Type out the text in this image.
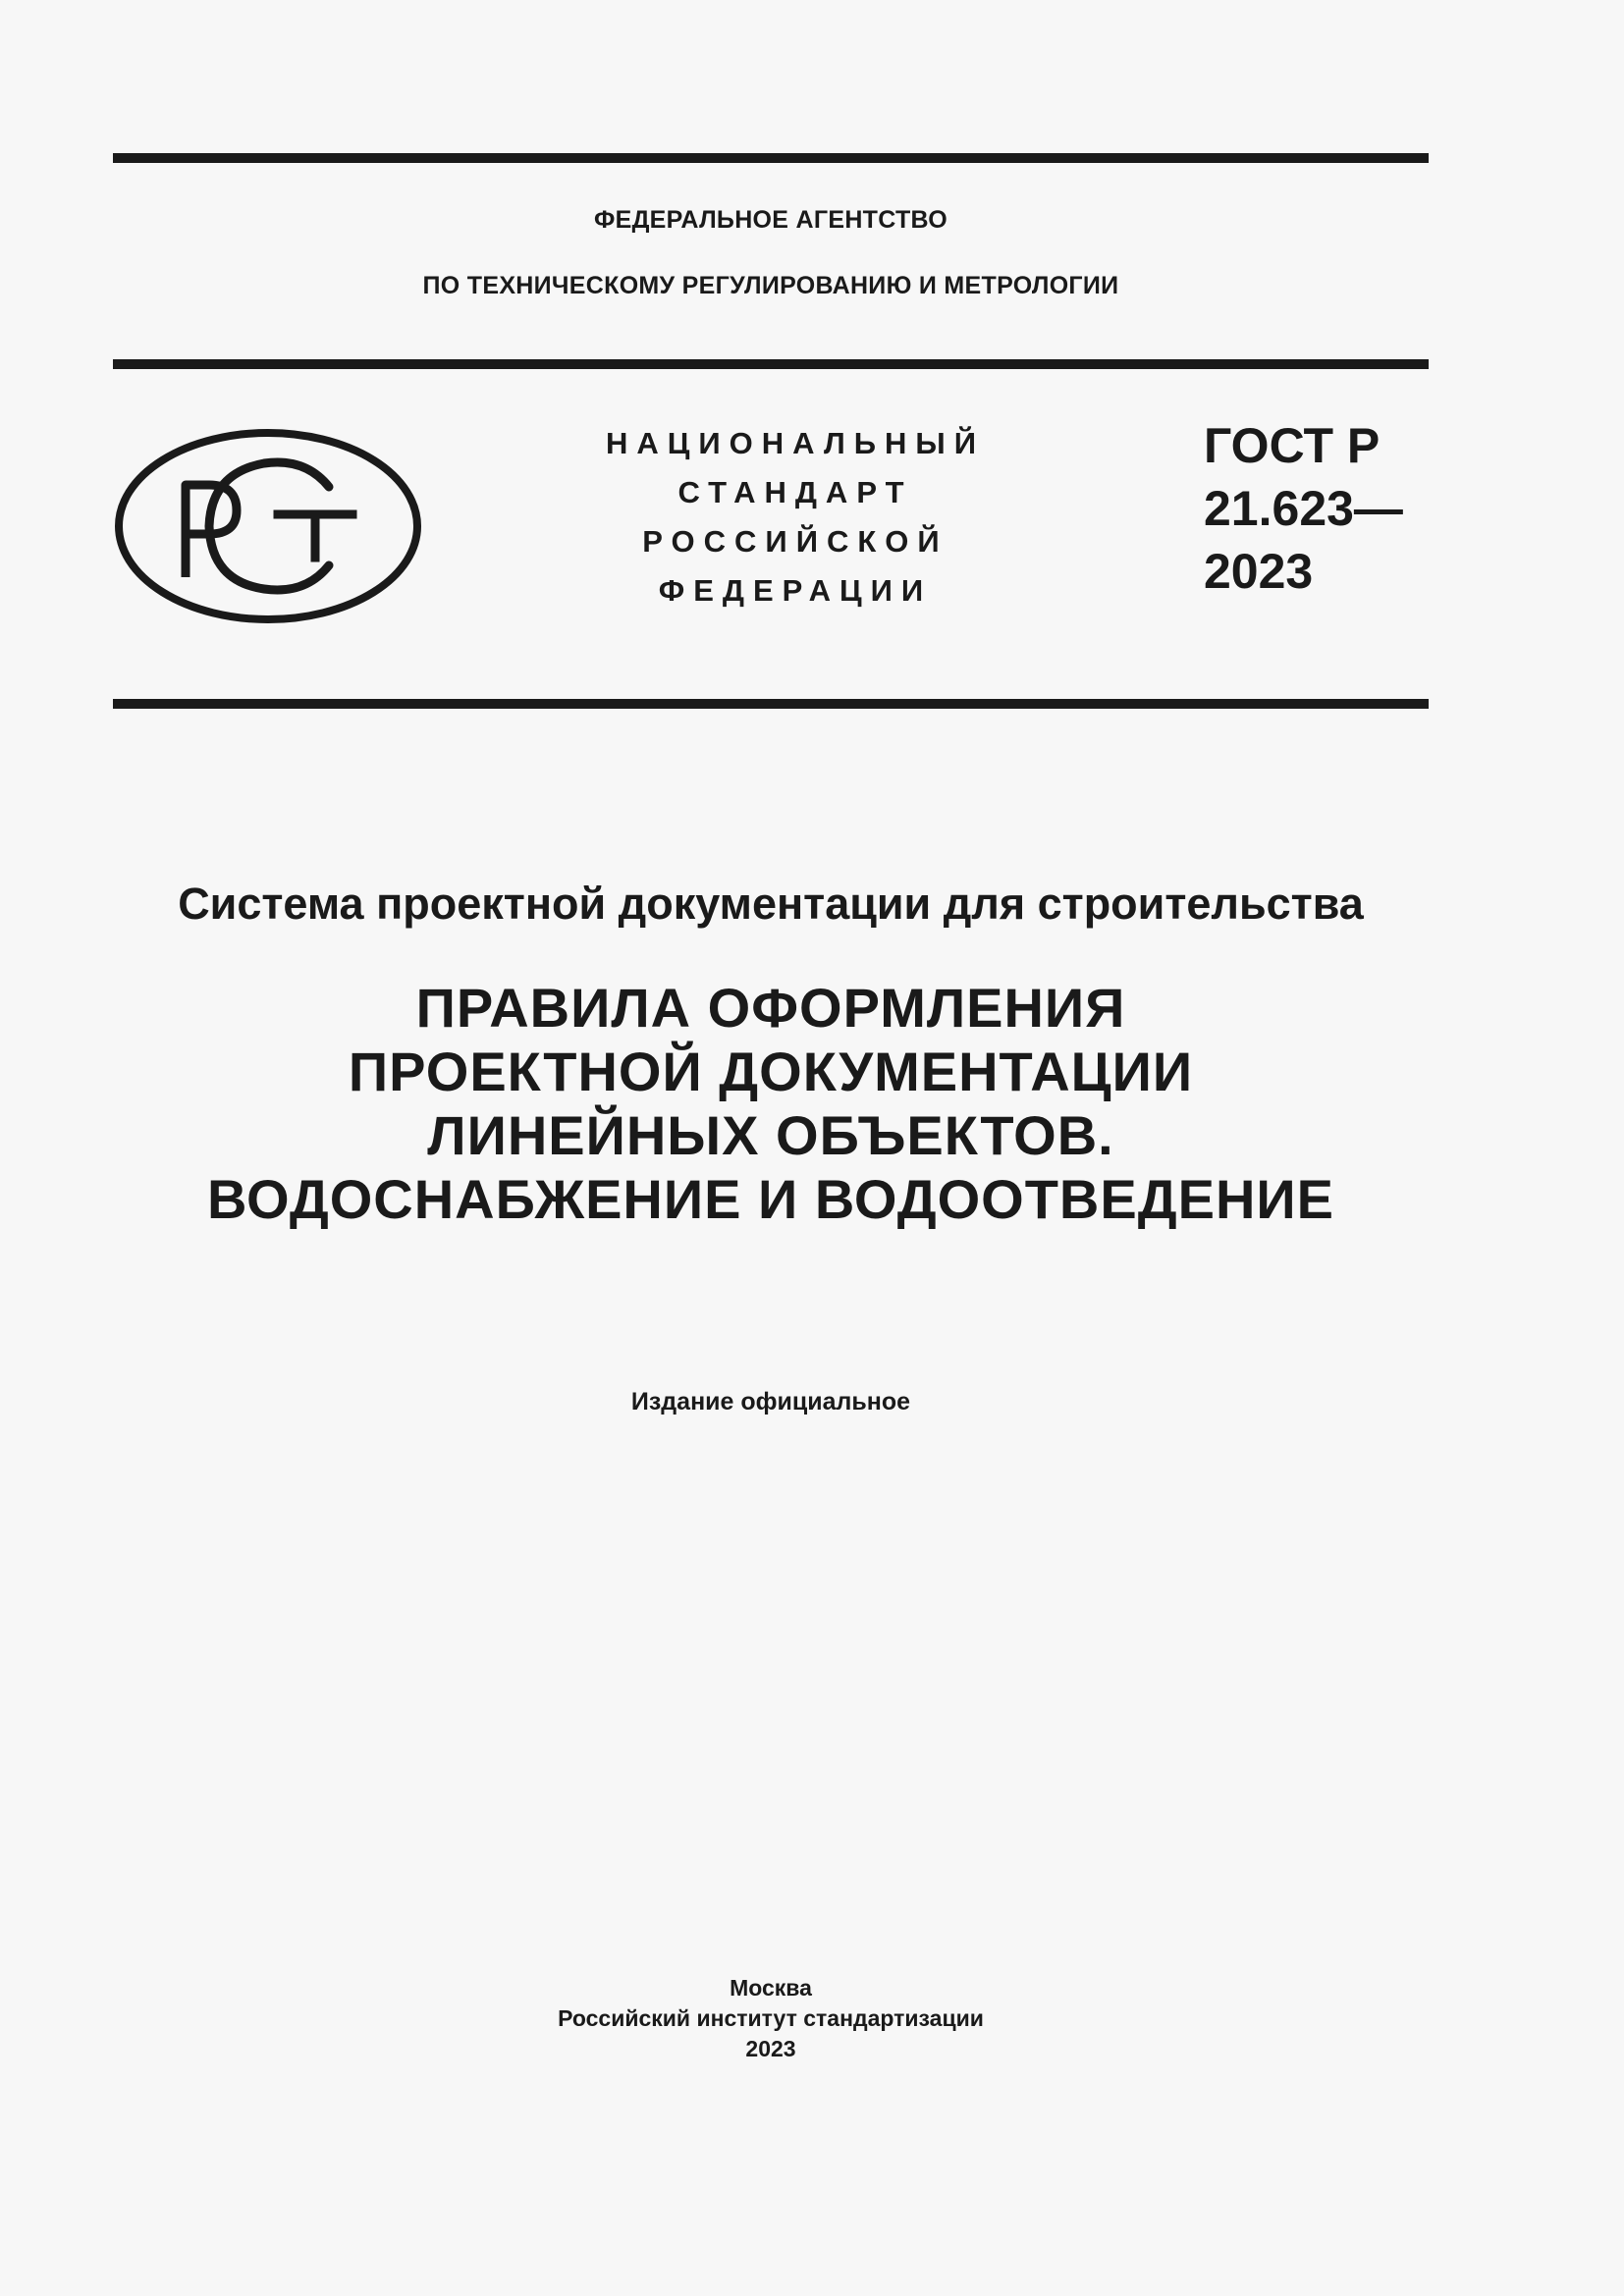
ФЕДЕРАЛЬНОЕ АГЕНТСТВО
ПО ТЕХНИЧЕСКОМУ РЕГУЛИРОВАНИЮ И МЕТРОЛОГИИ
НАЦИОНАЛЬНЫЙ
СТАНДАРТ
РОССИЙСКОЙ
ФЕДЕРАЦИИ
ГОСТ Р
21.623—
2023
Система проектной документации для строительства
ПРАВИЛА ОФОРМЛЕНИЯ
ПРОЕКТНОЙ ДОКУМЕНТАЦИИ
ЛИНЕЙНЫХ ОБЪЕКТОВ.
ВОДОСНАБЖЕНИЕ И ВОДООТВЕДЕНИЕ
Издание официальное
Москва
Российский институт стандартизации
2023
